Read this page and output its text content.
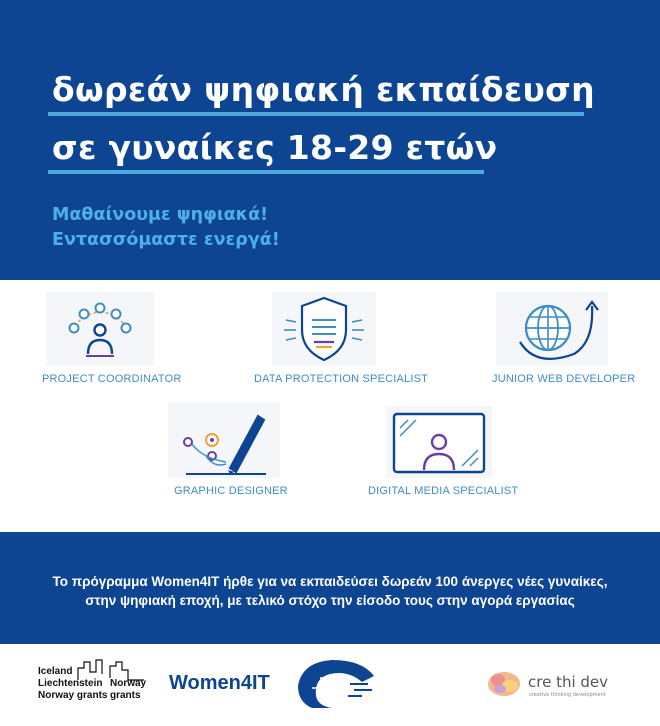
δωρεάν ψηφιακή εκπαίδευση
σε γυναίκες 18-29 ετών
Μαθαίνουμε ψηφιακά!
Εντασσόμαστε ενεργά!
PROJECT COORDINATOR	DATA PROTECTION SPECIALIST	JUNIOR WEB DEVELOPER
GRAPHIC DESIGNER	DIGITAL MEDIA SPECIALIST
Το πρόγραμμα Women4IT ήρθε για να εκπαιδεύσει δωρεάν 100 άνεργες νέες γυναίκες,
στην ψηφιακή εποχή, με τελικό στόχο την είσοδο τους στην αγορά εργασίας
Iceland
Liechtenstein
Norway grants
Norway
grants
Women4IT	cre thi dev
creative thinking development
